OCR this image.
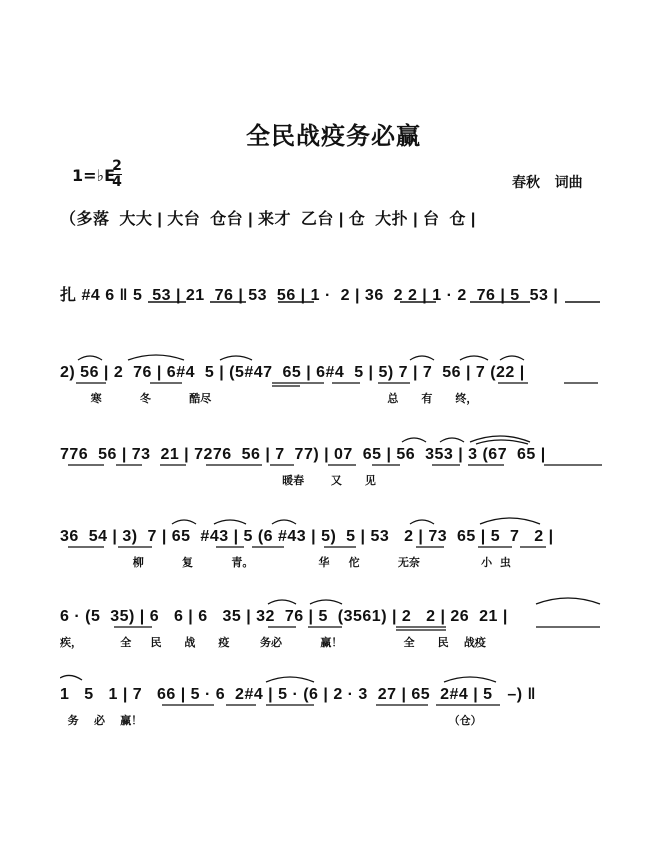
全民战疫务必赢
1=♭E
2
4	春秋   词曲
（多落  大大 | 大台  仓台 | 来才  乙台 | 仓  大扑 | 台  仓 |
扎 #4 6 ‖ 5  53 | 21  76 | 53  56 | 1 ·  2 | 36  2 2 | 1 · 2  76 | 5  53 |
2) 56 | 2  76 | 6#4  5 | (5#47  65 | 6#4  5 | 5) 7 | 7  56 | 7 (22 |
寒          冬          酷尽                                              总      有      终，
776  56 | 73  21 | 7276  56 | 7  77) | 07  65 | 56  353 | 3 (67  65 |
暖春       又      见
36  54 | 3)  7 | 65  #43 | 5 (6 #43 | 5)  5 | 53   2 | 73  65 | 5  7   2 |
柳          复          青。                 华     佗          无奈                小  虫
6 · (5  35) | 6   6 | 6   35 | 32  76 | 5  (3561) | 2   2 | 26  21 |
疾，          全     民      战      疫        务必          赢！                全      民    战疫
1   5   1 | 7   66 | 5 · 6  2#4 | 5 · (6 | 2 · 3  27 | 65  2#4 | 5   –) ‖
务    必    赢！                                                                                （仓）
